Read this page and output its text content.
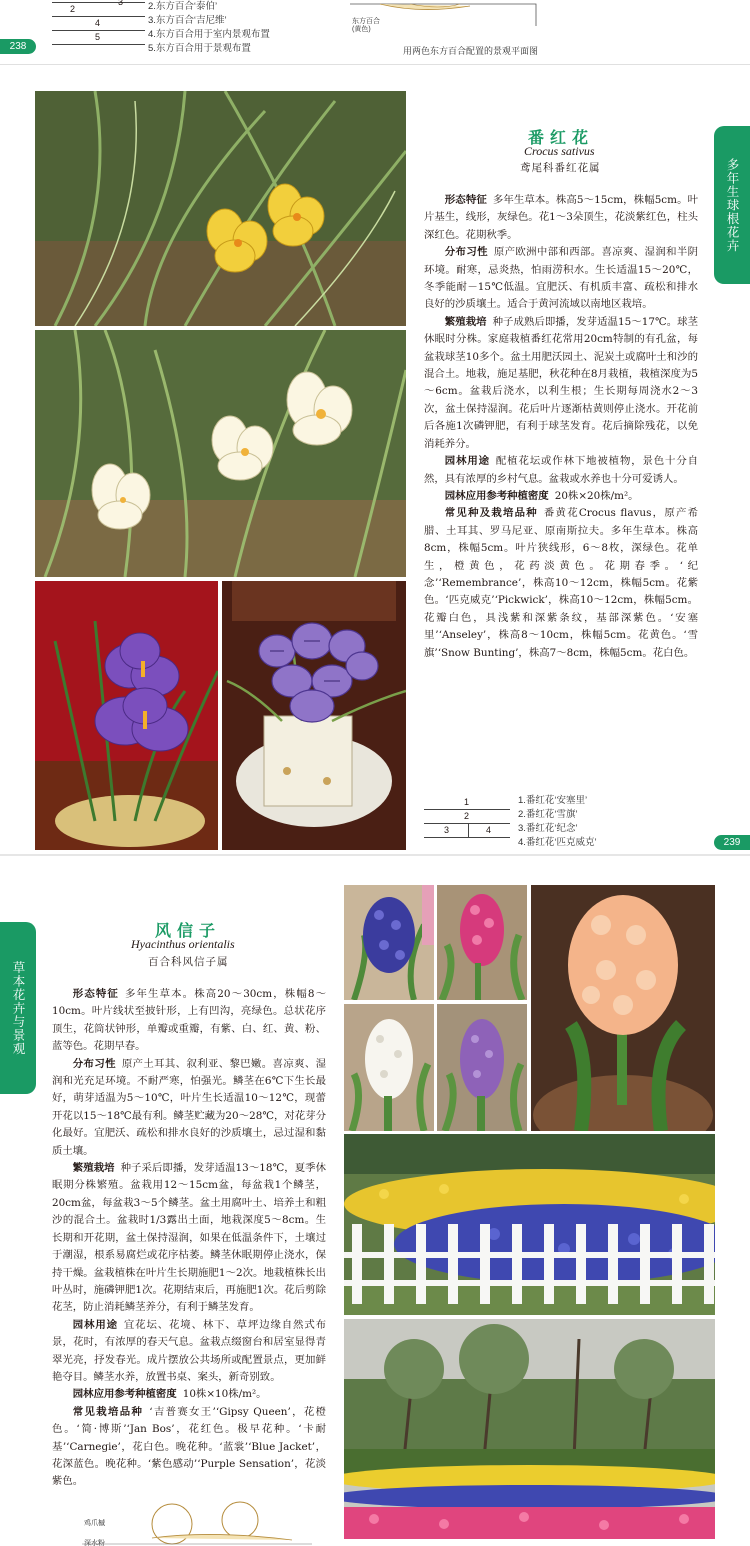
2
3
4
5
2.东方百合‘泰伯’
3.东方百合‘吉尼维’
4.东方百合用于室内景观布置
5.东方百合用于景观布置
东方百合
(黄色)
用两色东方百合配置的景观平面图
238
多年生球根花卉
番红花
Crocus sativus
鸢尾科番红花属

形态特征 多年生草本。株高5～15cm，株幅5cm。叶片基生，线形，灰绿色。花1～3朵顶生，花淡紫红色，柱头深红色。花期秋季。

分布习性 原产欧洲中部和西部。喜凉爽、湿润和半阴环境。耐寒，忌炎热，怕雨涝积水。生长适温15～20℃，冬季能耐－15℃低温。宜肥沃、有机质丰富、疏松和排水良好的沙质壤土。适合于黄河流域以南地区栽培。

繁殖栽培 种子成熟后即播，发芽适温15～17℃。球茎休眠时分株。家庭栽植番红花常用20cm特制的有孔盆，每盆栽球茎10多个。盆土用肥沃园土、泥炭土或腐叶土和沙的混合土。地栽，施足基肥，秋花种在8月栽植，栽植深度为5～6cm。盆栽后浇水，以利生根；生长期每周浇水2～3次，盆土保持湿润。花后叶片逐渐枯黄则停止浇水。开花前后各施1次磷钾肥，有利于球茎发育。花后摘除残花，以免消耗养分。

园林用途 配植花坛或作林下地被植物，景色十分自然，具有浓厚的乡村气息。盆栽或水养也十分可爱诱人。

园林应用参考种植密度 20株×20株/m²。

常见种及栽培品种 番黄花Crocus flavus，原产希腊、土耳其、罗马尼亚、原南斯拉夫。多年生草本。株高8cm，株幅5cm。叶片狭线形，6～8枚，深绿色。花单生，橙黄色，花药淡黄色。花期春季。‘纪念’‘Remembrance’，株高10～12cm，株幅5cm。花紫色。‘匹克威克’‘Pickwick’，株高10～12cm，株幅5cm。花瓣白色，具浅紫和深紫条纹，基部深紫色。‘安塞里’‘Anseley’，株高8～10cm，株幅5cm。花黄色。‘雪旗’‘Snow Bunting’，株高7～8cm，株幅5cm。花白色。

1
2
3	4
1.番红花‘安塞里’
2.番红花‘雪旗’
3.番红花‘纪念’
4.番红花‘匹克威克’	239
草本花卉与景观
风信子
Hyacinthus orientalis
百合科风信子属

形态特征 多年生草本。株高20～30cm，株幅8～10cm。叶片线状至披针形，上有凹沟，亮绿色。总状花序顶生，花筒状钟形，单瓣或重瓣，有紫、白、红、黄、粉、蓝等色。花期早春。

分布习性 原产土耳其、叙利亚、黎巴嫩。喜凉爽、湿润和光充足环境。不耐严寒，怕强光。鳞茎在6℃下生长最好，萌芽适温为5～10℃，叶片生长适温10～12℃，现蕾开花以15～18℃最有利。鳞茎贮藏为20～28℃，对花芽分化最好。宜肥沃、疏松和排水良好的沙质壤土，忌过湿和黏质土壤。

繁殖栽培 种子采后即播，发芽适温13～18℃，夏季休眠期分株繁殖。盆栽用12～15cm盆，每盆栽1个鳞茎，20cm盆，每盆栽3～5个鳞茎。盆土用腐叶土、培养土和粗沙的混合土。盆栽时1/3露出土面，地栽深度5～8cm。生长期和开花期，盆土保持湿润，如果在低温条件下，土壤过于潮湿，根系易腐烂或花序枯萎。鳞茎休眠期停止浇水，保持干燥。盆栽植株在叶片生长期施肥1～2次。地栽植株长出叶丛时，施磷钾肥1次。花期结束后，再施肥1次。花后剪除花茎，防止消耗鳞茎养分，有利于鳞茎发育。

园林用途 宜花坛、花境、林下、草坪边缘自然式布景，花时，有浓厚的春天气息。盆栽点缀窗台和居室显得青翠光亮，抒发春光。成片摆放公共场所或配置景点，更加鲜艳夺目。鳞茎水养，放置书桌、案头，新奇别致。

园林应用参考种植密度 10株×10株/m²。

常见栽培品种 ‘吉普赛女王’‘Gipsy Queen’，花橙色。‘简·博斯’‘Jan Bos’，花红色。极早花种。‘卡耐基’‘Carnegie’，花白色。晚花种。‘蓝裳’‘Blue Jacket’，花深蓝色。晚花种。‘紫色感动’‘Purple Sensation’，花淡紫色。

鸡爪槭
深水粉
